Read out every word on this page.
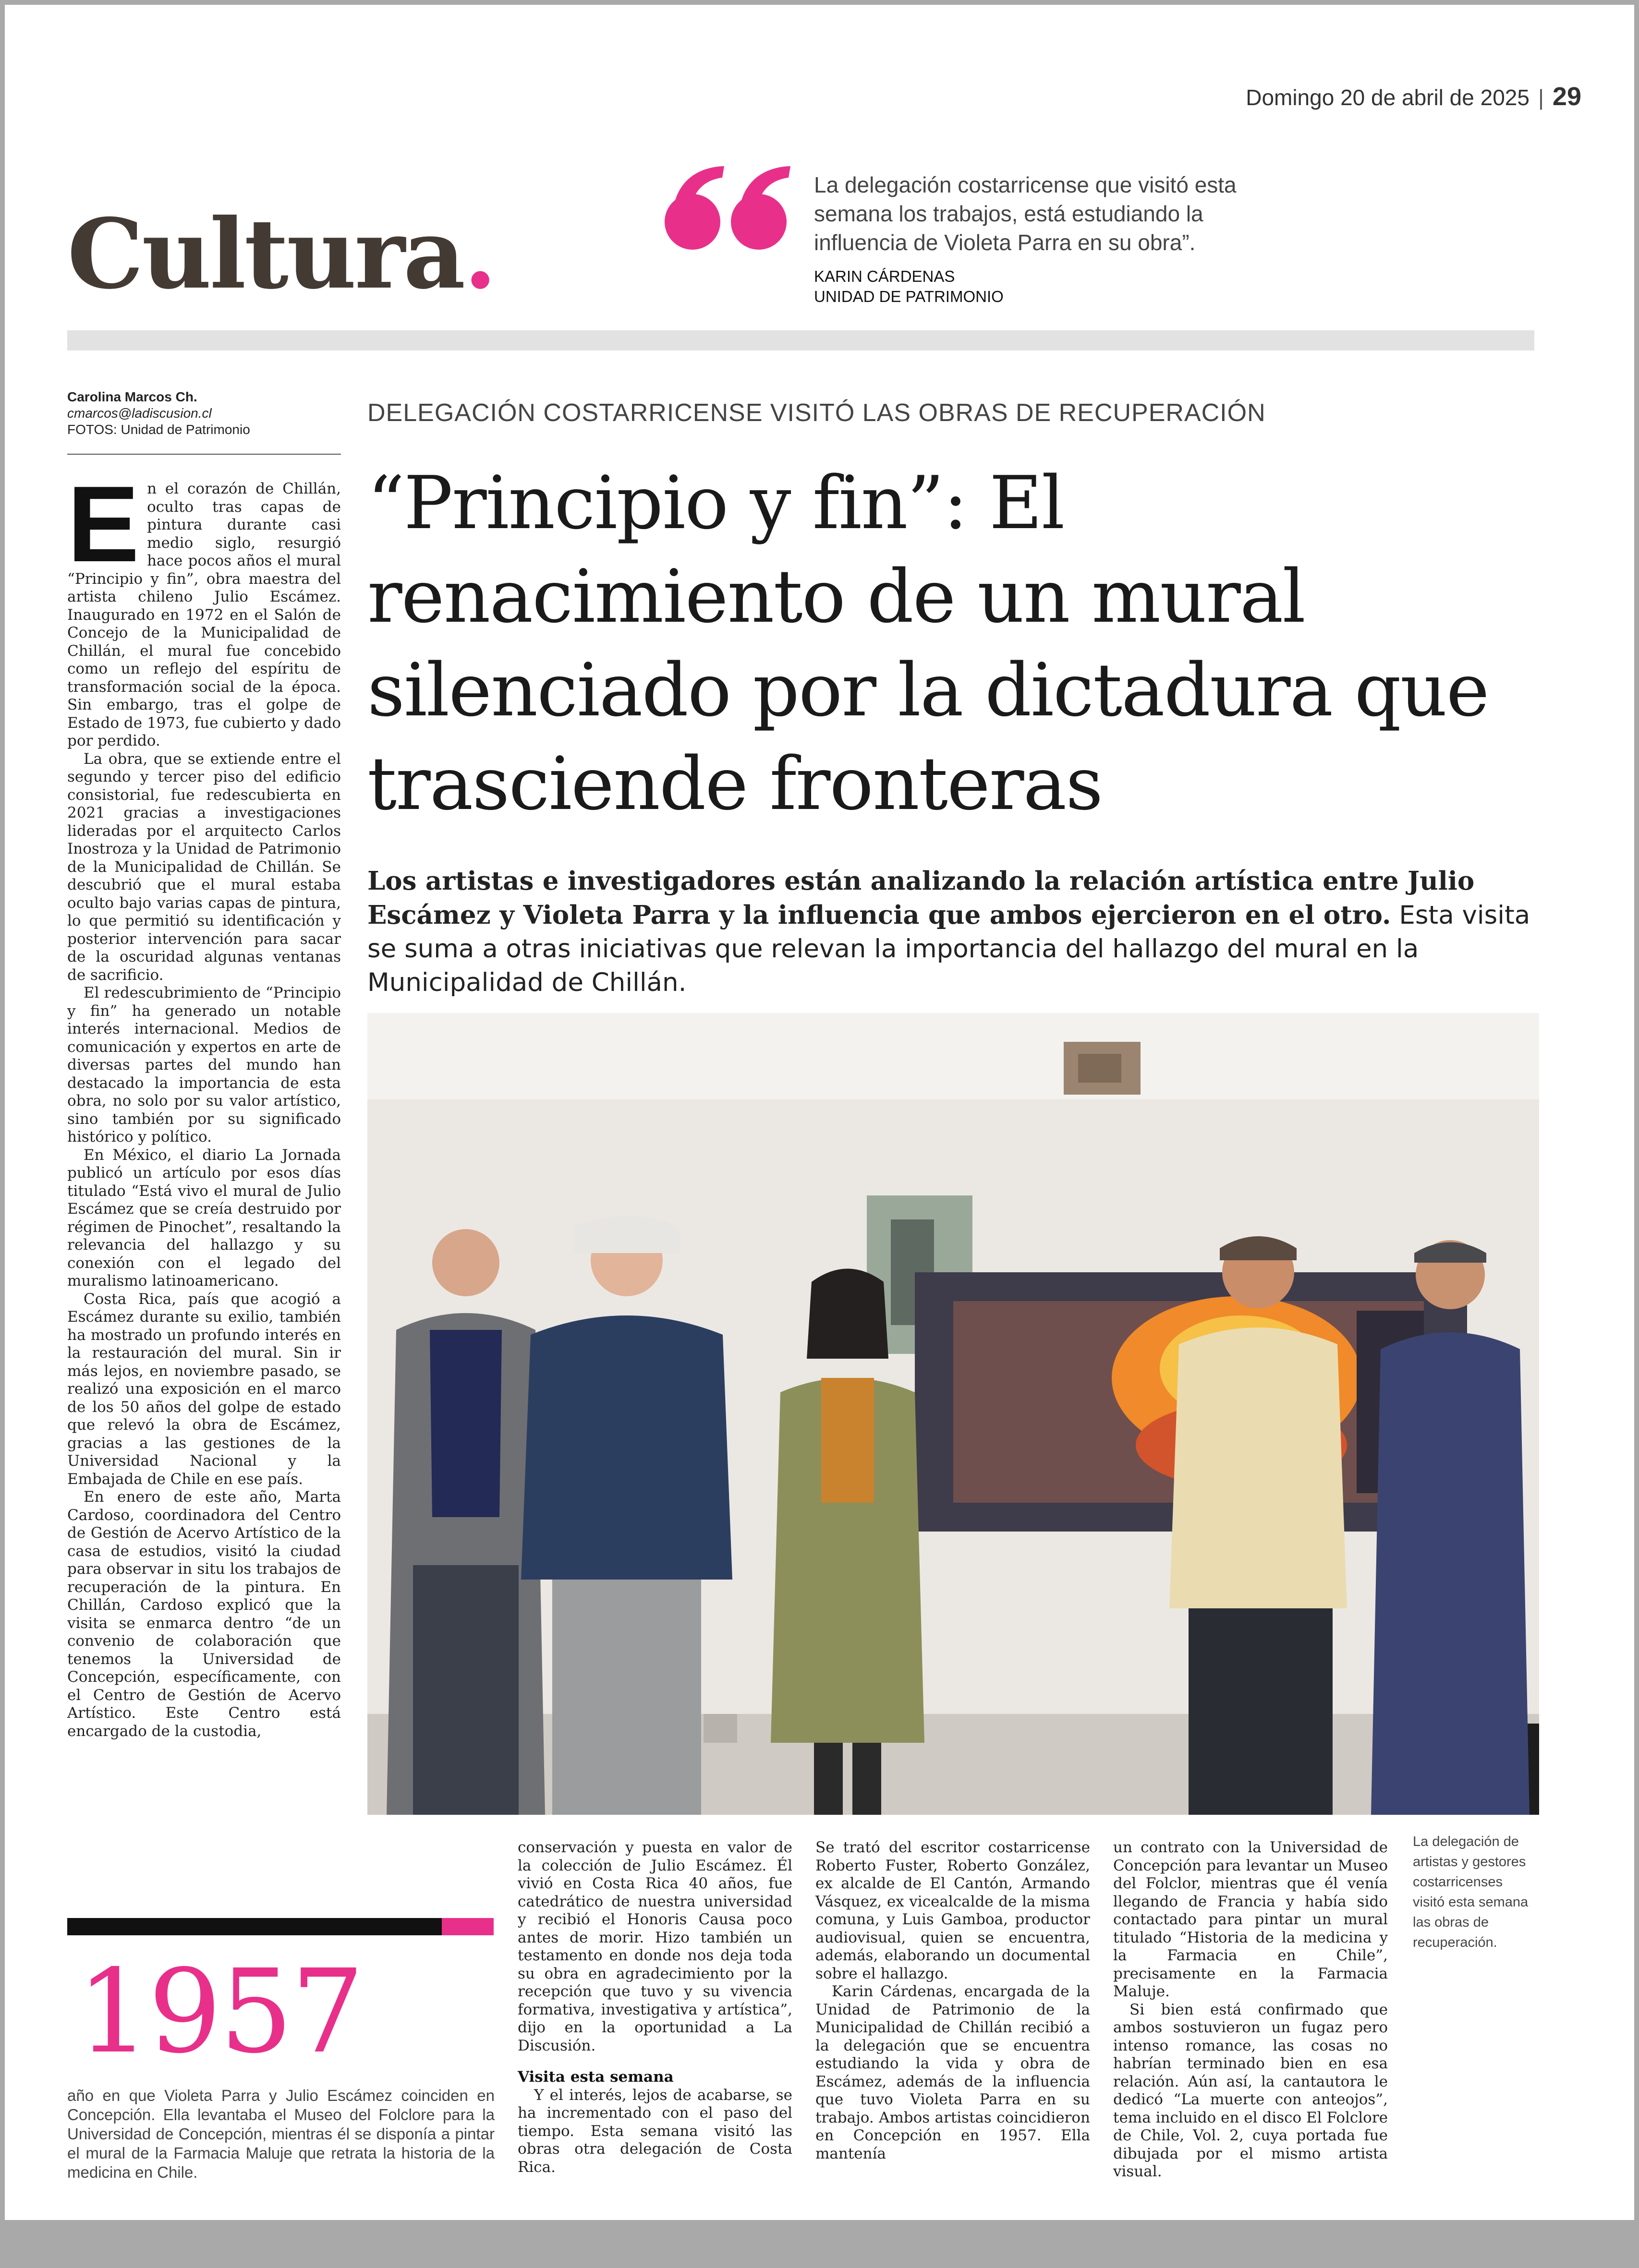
Domingo 20 de abril de 2025 | 29
Cultura.
La delegación costarricense que visitó esta semana los trabajos, está estudiando la influencia de Violeta Parra en su obra”.
KARIN CÁRDENAS
UNIDAD DE PATRIMONIO
Carolina Marcos Ch.
cmarcos@ladiscusion.cl
FOTOS: Unidad de Patrimonio

En el corazón de Chillán, oculto tras capas de pintura durante casi medio siglo, resurgió hace pocos años el mural “Principio y fin”, obra maestra del artista chileno Julio Escámez. Inaugurado en 1972 en el Salón de Concejo de la Municipalidad de Chillán, el mural fue concebido como un reflejo del espíritu de transformación social de la época. Sin embargo, tras el golpe de Estado de 1973, fue cubierto y dado por perdido.

La obra, que se extiende entre el segundo y tercer piso del edificio consistorial, fue redescubierta en 2021 gracias a investigaciones lideradas por el arquitecto Carlos Inostroza y la Unidad de Patrimonio de la Municipalidad de Chillán. Se descubrió que el mural estaba oculto bajo varias capas de pintura, lo que permitió su identificación y posterior intervención para sacar de la oscuridad algunas ventanas de sacrificio.

El redescubrimiento de “Principio y fin” ha generado un notable interés internacional. Medios de comunicación y expertos en arte de diversas partes del mundo han destacado la importancia de esta obra, no solo por su valor artístico, sino también por su significado histórico y político.

En México, el diario La Jornada publicó un artículo por esos días titulado “Está vivo el mural de Julio Escámez que se creía destruido por régimen de Pinochet”, resaltando la relevancia del hallazgo y su conexión con el legado del muralismo latinoamericano.

Costa Rica, país que acogió a Escámez durante su exilio, también ha mostrado un profundo interés en la restauración del mural. Sin ir más lejos, en noviembre pasado, se realizó una exposición en el marco de los 50 años del golpe de estado que relevó la obra de Escámez, gracias a las gestiones de la Universidad Nacional y la Embajada de Chile en ese país.

En enero de este año, Marta Cardoso, coordinadora del Centro de Gestión de Acervo Artístico de la casa de estudios, visitó la ciudad para observar in situ los trabajos de recuperación de la pintura. En Chillán, Cardoso explicó que la visita se enmarca dentro “de un convenio de colaboración que tenemos la Universidad de Concepción, específicamente, con el Centro de Gestión de Acervo Artístico. Este Centro está encargado de la custodia,

DELEGACIÓN COSTARRICENSE VISITÓ LAS OBRAS DE RECUPERACIÓN
“Principio y fin”: El renacimiento de un mural silenciado por la dictadura que trasciende fronteras
Los artistas e investigadores están analizando la relación artística entre Julio Escámez y Violeta Parra y la influencia que ambos ejercieron en el otro. Esta visita se suma a otras iniciativas que relevan la importancia del hallazgo del mural en la Municipalidad de Chillán.
La delegación de artistas y gestores costarricenses visitó esta semana las obras de recuperación.

conservación y puesta en valor de la colección de Julio Escámez. Él vivió en Costa Rica 40 años, fue catedrático de nuestra universidad y recibió el Honoris Causa poco antes de morir. Hizo también un testamento en donde nos deja toda su obra en agradecimiento por la recepción que tuvo y su vivencia formativa, investigativa y artística”, dijo en la oportunidad a La Discusión.

Visita esta semana

Y el interés, lejos de acabarse, se ha incrementado con el paso del tiempo. Esta semana visitó las obras otra delegación de Costa Rica.

Se trató del escritor costarricense Roberto Fuster, Roberto González, ex alcalde de El Cantón, Armando Vásquez, ex vicealcalde de la misma comuna, y Luis Gamboa, productor audiovisual, quien se encuentra, además, elaborando un documental sobre el hallazgo.

Karin Cárdenas, encargada de la Unidad de Patrimonio de la Municipalidad de Chillán recibió a la delegación que se encuentra estudiando la vida y obra de Escámez, además de la influencia que tuvo Violeta Parra en su trabajo. Ambos artistas coincidieron en Concepción en 1957. Ella mantenía

un contrato con la Universidad de Concepción para levantar un Museo del Folclor, mientras que él venía llegando de Francia y había sido contactado para pintar un mural titulado “Historia de la medicina y la Farmacia en Chile”, precisamente en la Farmacia Maluje.

Si bien está confirmado que ambos sostuvieron un fugaz pero intenso romance, las cosas no habrían terminado bien en esa relación. Aún así, la cantautora le dedicó “La muerte con anteojos”, tema incluido en el disco El Folclore de Chile, Vol. 2, cuya portada fue dibujada por el mismo artista visual.

1957
año en que Violeta Parra y Julio Escámez coinciden en Concepción. Ella levantaba el Museo del Folclore para la Universidad de Concepción, mientras él se disponía a pintar el mural de la Farmacia Maluje que retrata la historia de la medicina en Chile.
